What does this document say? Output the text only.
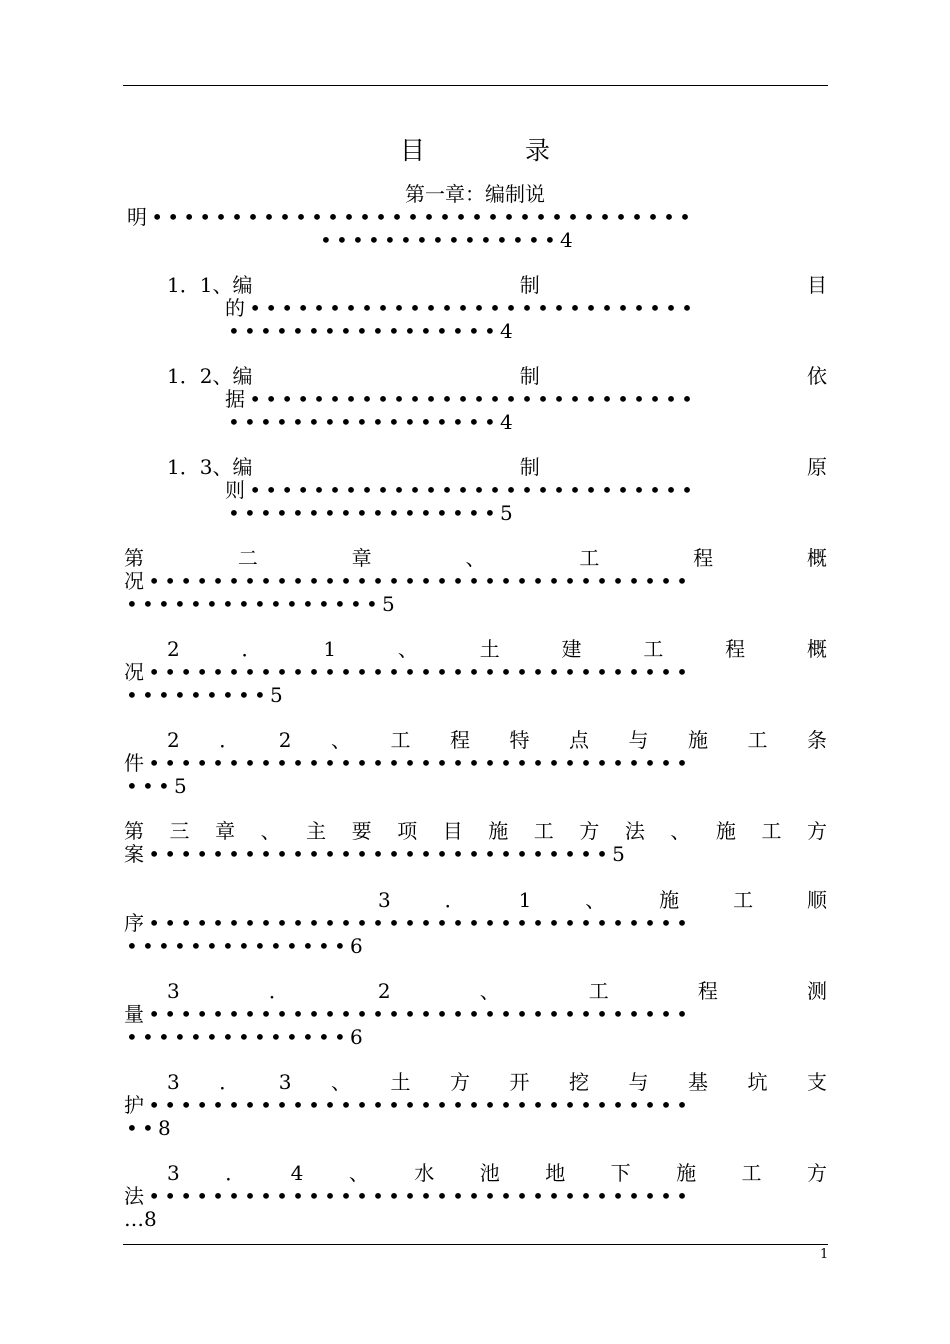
目 录
第一章：编制说
明••••••••••••••••••••••••••••••••••
•••••••••••••••4
1．1、编	制	目
的••••••••••••••••••••••••••••
•••••••••••••••••4
1．2、编	制	依
据••••••••••••••••••••••••••••
•••••••••••••••••4
1．3、编	制	原
则••••••••••••••••••••••••••••
•••••••••••••••••5
第	二	章	、	工	程	概
况••••••••••••••••••••••••••••••••••
••••••••••••••••5
2	．	1	、	土	建	工	程	概
况••••••••••••••••••••••••••••••••••
•••••••••5
2 ． 2 、 工 程 特 点 与 施 工 条
件••••••••••••••••••••••••••••••••••
•••5
第 三 章 、 主 要 项 目 施 工 方 法 、 施 工 方
案•••••••••••••••••••••••••••••5
3	．	1	、	施	工	顺
序••••••••••••••••••••••••••••••••••
••••••••••••••6
3	．	2	、	工	程	测
量••••••••••••••••••••••••••••••••••
••••••••••••••6
3 ． 3 、 土 方 开 挖 与 基 坑 支
护••••••••••••••••••••••••••••••••••
••8
3 ． 4 、 水 池 地 下 施 工 方
法••••••••••••••••••••••••••••••••••
…8
1
